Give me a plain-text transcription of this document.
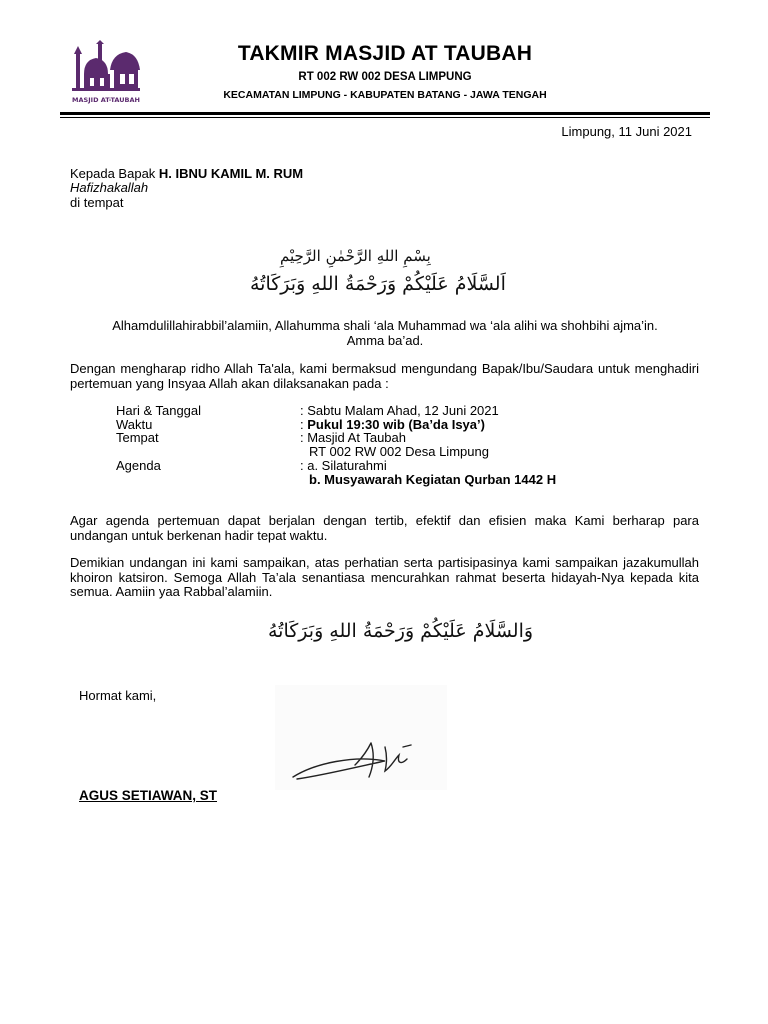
MASJID AT-TAUBAH
TAKMIR MASJID AT TAUBAH
RT 002 RW 002 DESA LIMPUNG
KECAMATAN LIMPUNG - KABUPATEN BATANG - JAWA TENGAH
Limpung, 11 Juni 2021
Kepada Bapak H. IBNU KAMIL M. RUM
Hafizhakallah
di tempat
بِسْمِ اللهِ الرَّحْمٰنِ الرَّحِيْمِ
اَلسَّلَامُ عَلَيْكُمْ وَرَحْمَةُ اللهِ وَبَرَكَاتُهُ
Alhamdulillahirabbil’alamiin, Allahumma shali ‘ala Muhammad wa ‘ala alihi wa shohbihi ajma’in.
Amma ba’ad.
Dengan mengharap ridho Allah Ta'ala, kami bermaksud mengundang Bapak/Ibu/Saudara untuk menghadiri pertemuan yang Insyaa Allah akan dilaksanakan pada :
Hari & Tanggal	: Sabtu Malam Ahad, 12 Juni 2021
Waktu	: Pukul 19:30 wib (Ba’da Isya’)
Tempat	: Masjid At Taubah
RT 002 RW 002 Desa Limpung
Agenda	: a. Silaturahmi
b. Musyawarah Kegiatan Qurban 1442 H
Agar agenda pertemuan dapat berjalan dengan tertib, efektif dan efisien maka Kami berharap para undangan untuk berkenan hadir tepat waktu.
Demikian undangan ini kami sampaikan, atas perhatian serta partisipasinya kami sampaikan jazakumullah khoiron katsiron. Semoga Allah Ta’ala senantiasa mencurahkan rahmat beserta hidayah-Nya kepada kita semua. Aamiin yaa Rabbal’alamiin.
وَالسَّلَامُ عَلَيْكُمْ وَرَحْمَةُ اللهِ وَبَرَكَاتُهُ
Hormat kami,
AGUS SETIAWAN, ST
